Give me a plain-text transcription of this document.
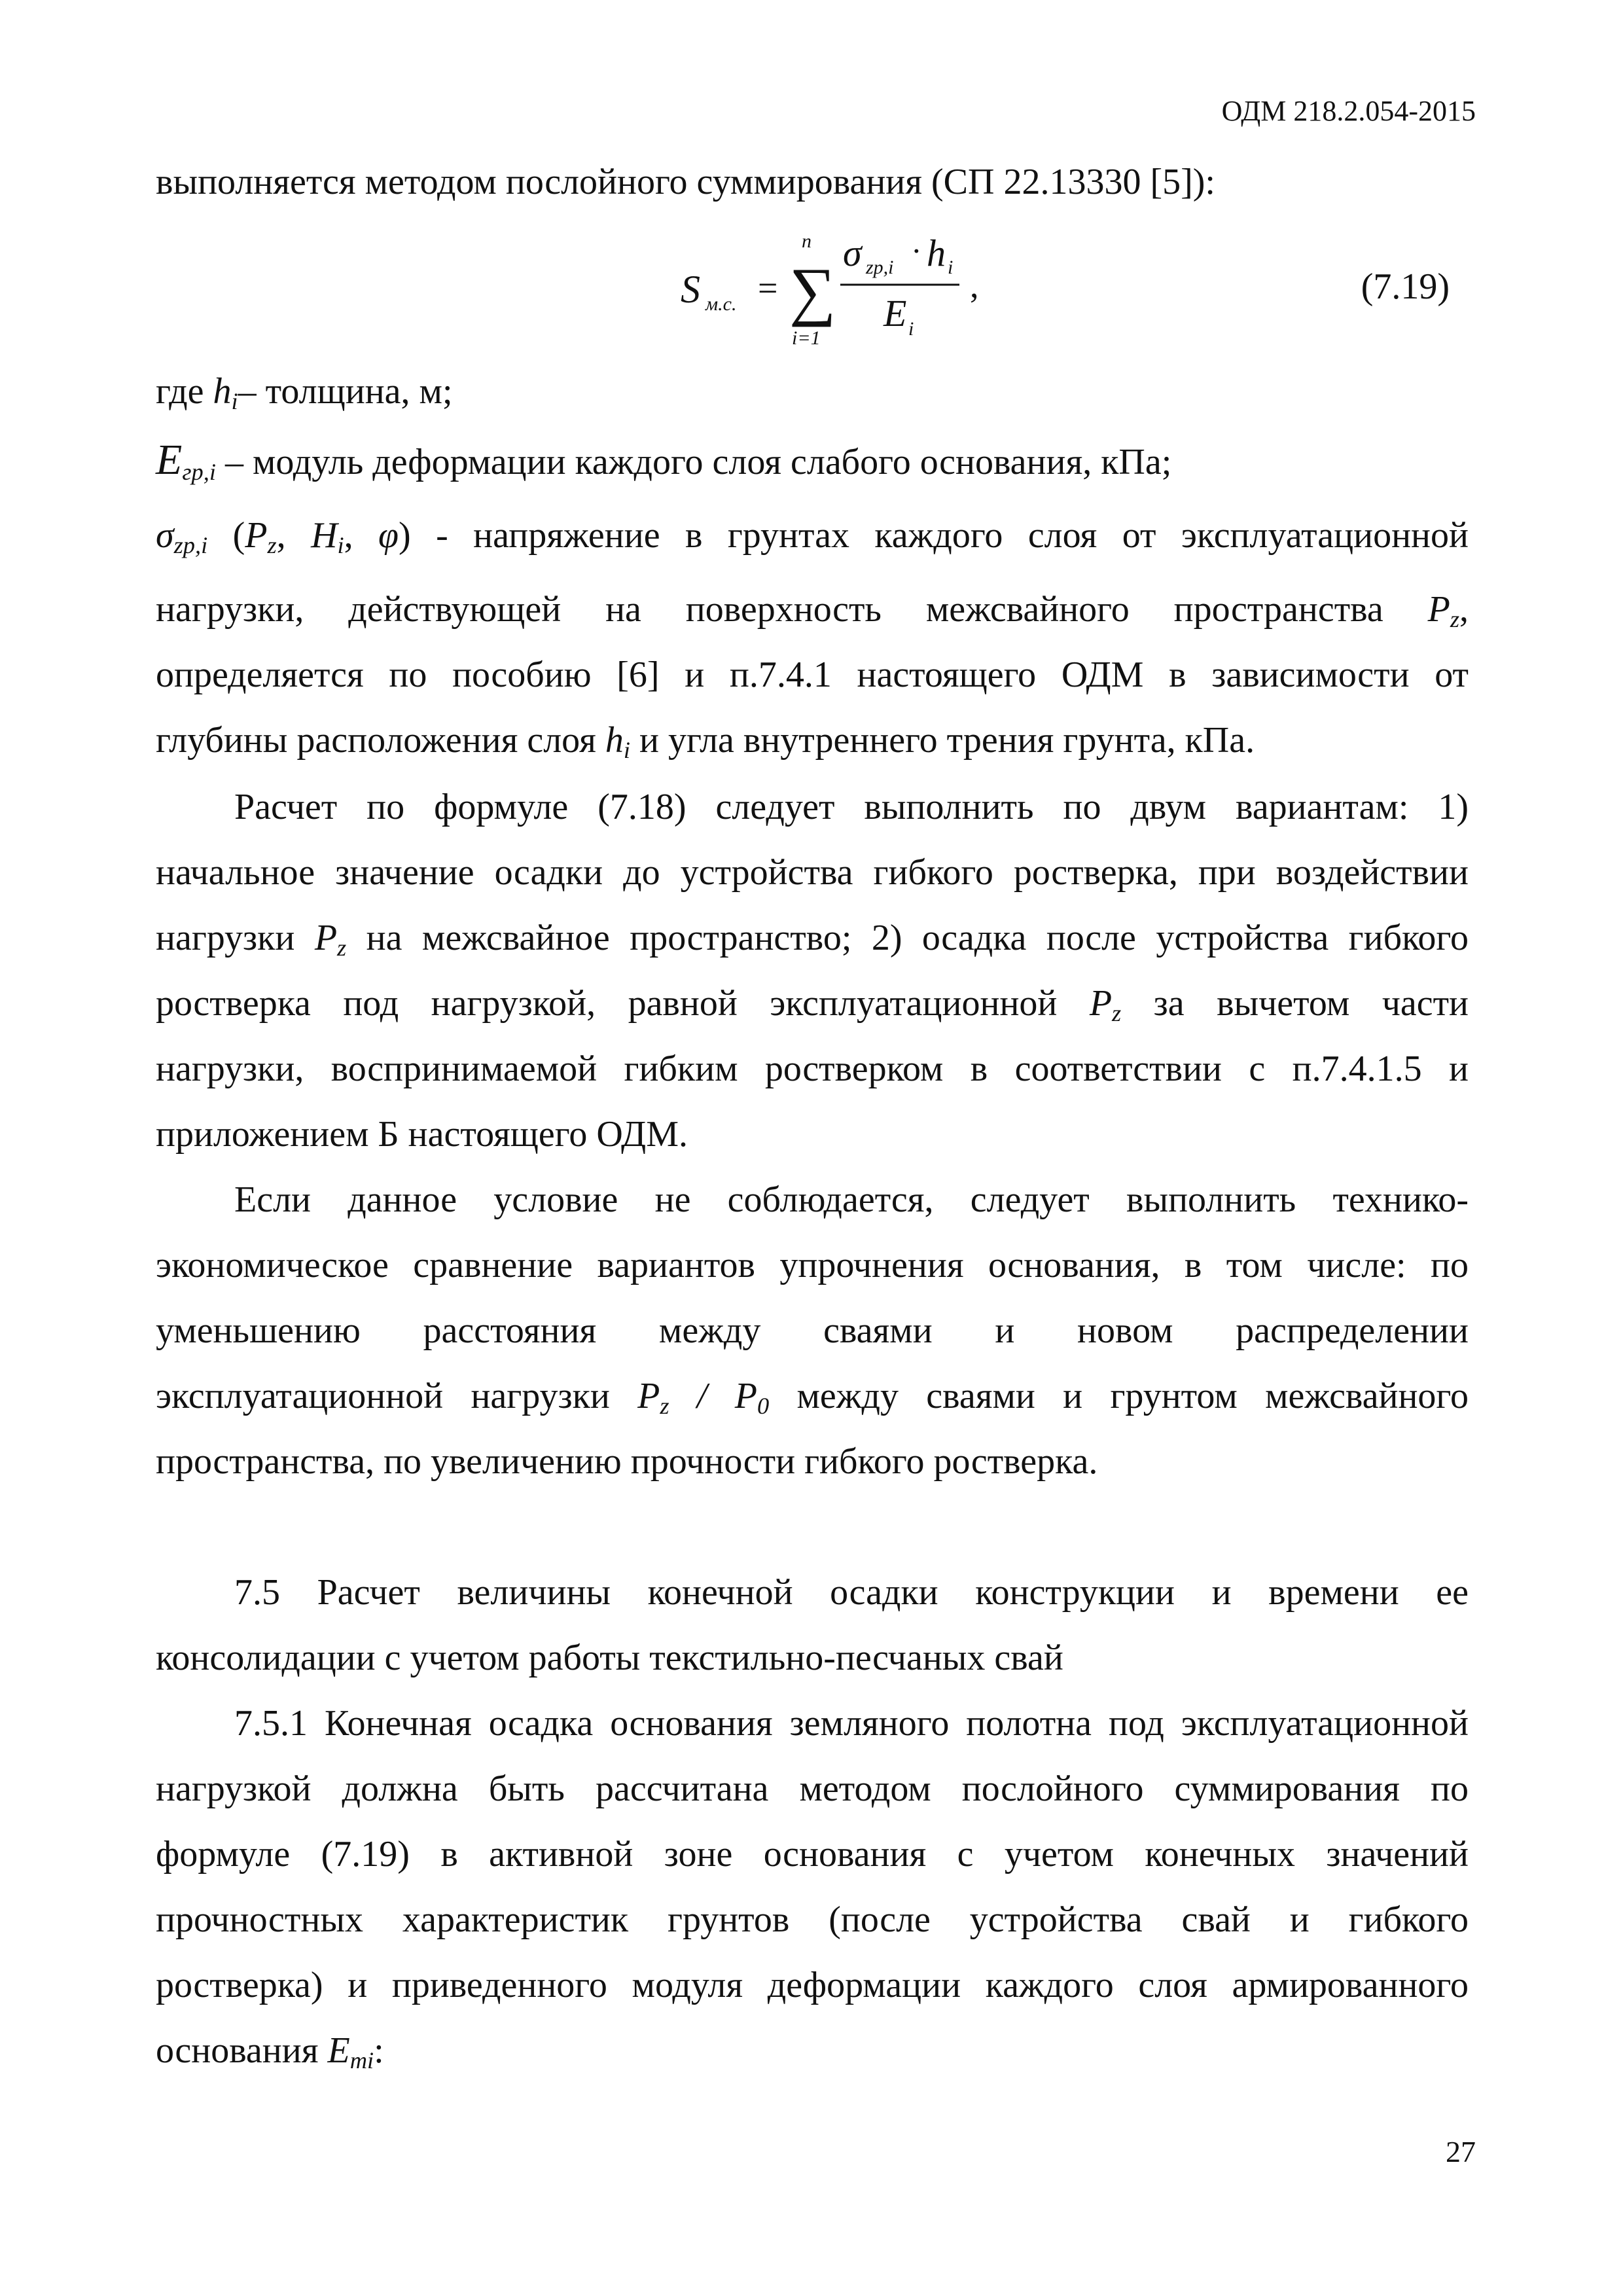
ОДМ 218.2.054-2015
выполняется методом послойного суммирования (СП 22.13330 [5]):
где $h_i-$ толщина, м;
$E_{гр,i}$ – модуль деформации каждого слоя слабого основания, кПа;
$\sigma_{zp,i}$ ($P_z$, $H_i$, φ) - напряжение в грунтах каждого слоя от эксплуатационной
нагрузки, действующей на поверхность межсвайного пространства $P_z$,
определяется по пособию [6] и п.7.4.1 настоящего ОДМ в зависимости от
глубины расположения слоя $h_i$ и угла внутреннего трения грунта, кПа.
Расчет по формуле (7.18) следует выполнить по двум вариантам: 1)
начальное значение осадки до устройства гибкого ростверка, при воздействии
нагрузки $P_z$ на межсвайное пространство; 2) осадка после устройства гибкого
ростверка под нагрузкой, равной эксплуатационной $P_z$ за вычетом части
нагрузки, воспринимаемой гибким ростверком в соответствии с п.7.4.1.5 и
приложением Б настоящего ОДМ.
Если данное условие не соблюдается, следует выполнить технико-
экономическое сравнение вариантов упрочнения основания, в том числе: по
уменьшению расстояния между сваями и новом распределении
эксплуатационной нагрузки $P_z / P_0$ между сваями и грунтом межсвайного
пространства, по увеличению прочности гибкого ростверка.
7.5 Расчет величины конечной осадки конструкции и времени ее
консолидации с учетом работы текстильно-песчаных свай
7.5.1 Конечная осадка основания земляного полотна под эксплуатационной
нагрузкой должна быть рассчитана методом послойного суммирования по
формуле (7.19) в активной зоне основания с учетом конечных значений
прочностных характеристик грунтов (после устройства свай и гибкого
ростверка) и приведенного модуля деформации каждого слоя армированного
основания $E_{mi}$:
S м.с. =
n
∑
i=1
σ zp,i · h i
E i
,	(7.19)
27
